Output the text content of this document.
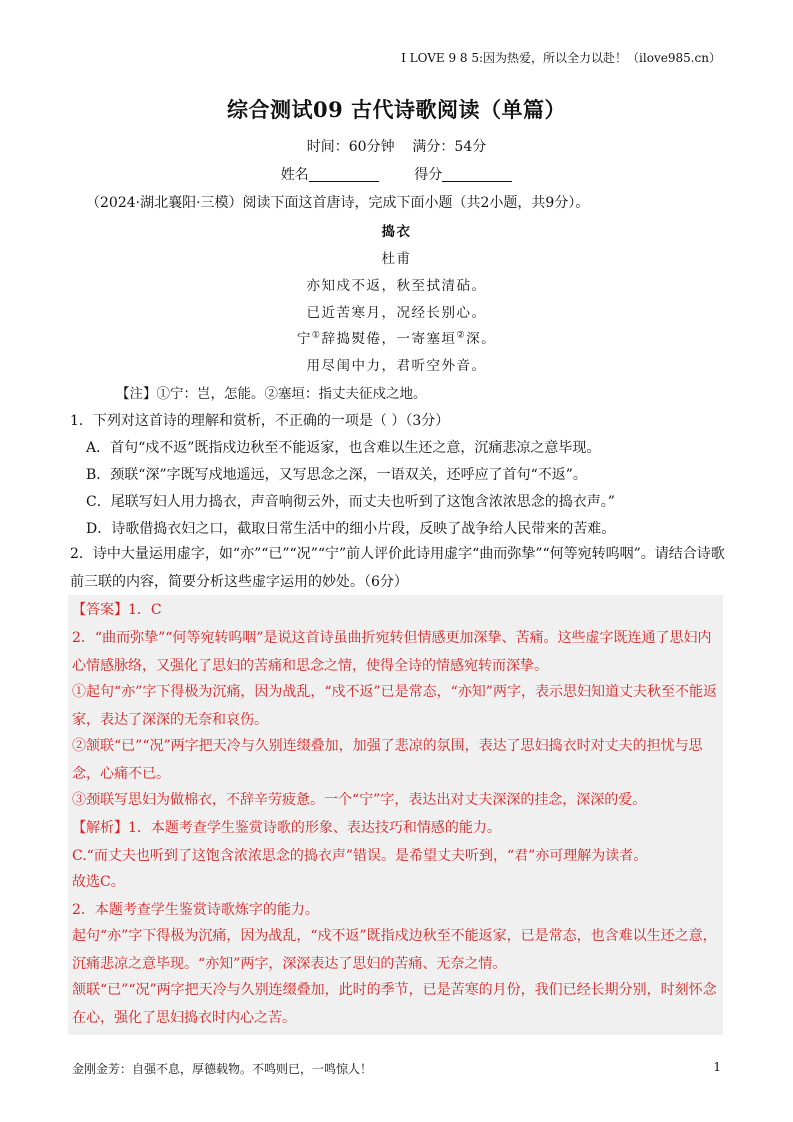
I LOVE 9 8 5:因为热爱，所以全力以赴！（ilove985.cn）
综合测试09 古代诗歌阅读（单篇）
时间：60分钟 满分：54分
姓名	得分
（2024·湖北襄阳·三模）阅读下面这首唐诗，完成下面小题（共2小题，共9分）。
捣衣
杜甫
亦知戍不返，秋至拭清砧。
已近苦寒月，况经长别心。
宁①辞捣熨倦，一寄塞垣②深。
用尽闺中力，君听空外音。
【注】①宁：岂，怎能。②塞垣：指丈夫征戍之地。
1．下列对这首诗的理解和赏析，不正确的一项是（ ）（3分）
A．首句“戍不返”既指戍边秋至不能返家，也含难以生还之意，沉痛悲凉之意毕现。
B．颈联“深”字既写戍地遥远，又写思念之深，一语双关，还呼应了首句“不返”。
C．尾联写妇人用力捣衣，声音响彻云外，而丈夫也听到了这饱含浓浓思念的捣衣声。”
D．诗歌借捣衣妇之口，截取日常生活中的细小片段，反映了战争给人民带来的苦难。
2．诗中大量运用虚字，如“亦”“已”“况”“宁”前人评价此诗用虚字“曲而弥挚”“何等宛转呜咽”。请结合诗歌前三联的内容，简要分析这些虚字运用的妙处。（6分）
【答案】1．C
2．“曲而弥挚”“何等宛转呜咽”是说这首诗虽曲折宛转但情感更加深挚、苦痛。这些虚字既连通了思妇内心情感脉络，又强化了思妇的苦痛和思念之情，使得全诗的情感宛转而深挚。
①起句“亦”字下得极为沉痛，因为战乱，“戍不返”已是常态，“亦知”两字，表示思妇知道丈夫秋至不能返家，表达了深深的无奈和哀伤。
②颔联“已”“况”两字把天冷与久别连缀叠加，加强了悲凉的氛围，表达了思妇捣衣时对丈夫的担忧与思念，心痛不已。
③颈联写思妇为做棉衣，不辞辛劳疲惫。一个“宁”字，表达出对丈夫深深的挂念，深深的爱。
【解析】1．本题考查学生鉴赏诗歌的形象、表达技巧和情感的能力。
C.“而丈夫也听到了这饱含浓浓思念的捣衣声”错误。是希望丈夫听到，“君”亦可理解为读者。
故选C。
2．本题考查学生鉴赏诗歌炼字的能力。
起句“亦”字下得极为沉痛，因为战乱，“戍不返”既指戍边秋至不能返家，已是常态，也含难以生还之意，沉痛悲凉之意毕现。“亦知”两字，深深表达了思妇的苦痛、无奈之情。
颔联“已”“况”两字把天冷与久别连缀叠加，此时的季节，已是苦寒的月份，我们已经长期分别，时刻怀念在心，强化了思妇捣衣时内心之苦。
金刚金芳：自强不息，厚德载物。不鸣则已，一鸣惊人！	1
